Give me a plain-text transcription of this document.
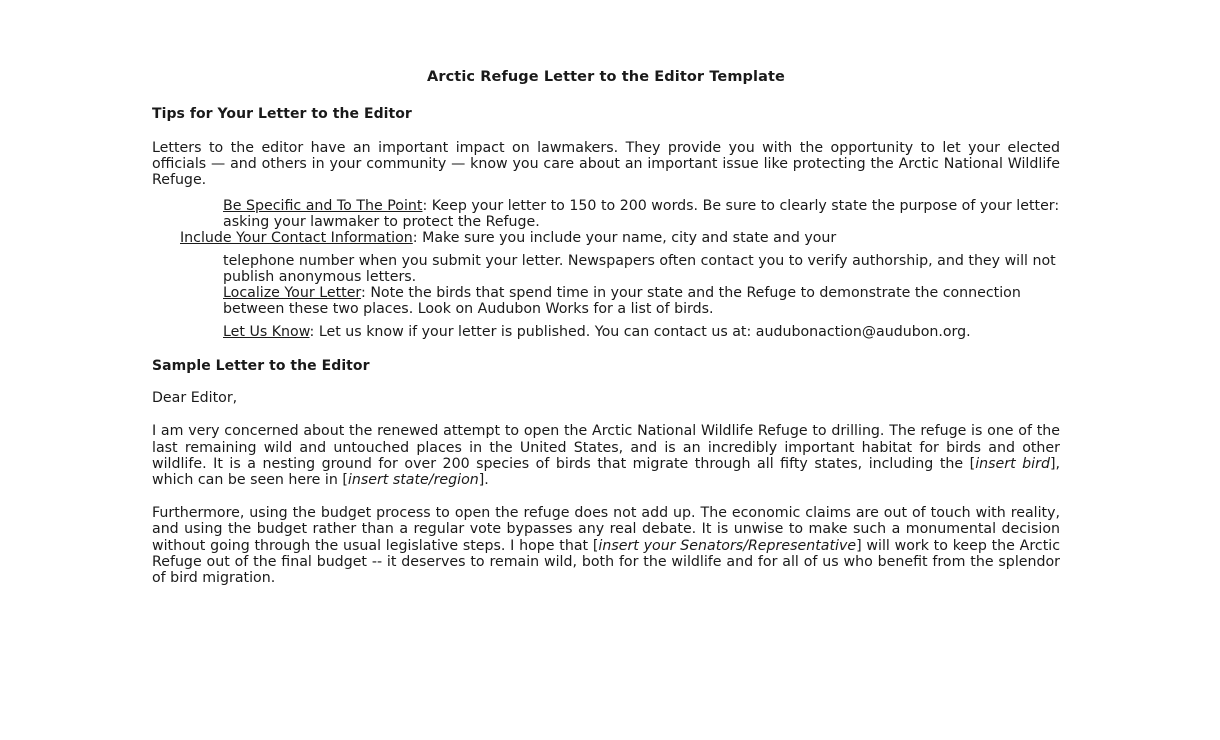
Arctic Refuge Letter to the Editor Template
Tips for Your Letter to the Editor

Letters to the editor have an important impact on lawmakers. They provide you with the opportunity to let your elected officials — and others in your community — know you care about an important issue like protecting the Arctic National Wildlife Refuge.

Be Specific and To The Point: Keep your letter to 150 to 200 words. Be sure to clearly state the purpose of your letter: asking your lawmaker to protect the Refuge.

Include Your Contact Information: Make sure you include your name, city and state and your

telephone number when you submit your letter. Newspapers often contact you to verify authorship, and they will not publish anonymous letters.

Localize Your Letter: Note the birds that spend time in your state and the Refuge to demonstrate the connection between these two places. Look on Audubon Works for a list of birds.

Let Us Know: Let us know if your letter is published. You can contact us at: audubonaction@audubon.org.

Sample Letter to the Editor

Dear Editor,

I am very concerned about the renewed attempt to open the Arctic National Wildlife Refuge to drilling. The refuge is one of the last remaining wild and untouched places in the United States, and is an incredibly important habitat for birds and other wildlife. It is a nesting ground for over 200 species of birds that migrate through all fifty states, including the [insert bird], which can be seen here in [insert state/region].

Furthermore, using the budget process to open the refuge does not add up. The economic claims are out of touch with reality, and using the budget rather than a regular vote bypasses any real debate. It is unwise to make such a monumental decision without going through the usual legislative steps. I hope that [insert your Senators/Representative] will work to keep the Arctic Refuge out of the final budget -- it deserves to remain wild, both for the wildlife and for all of us who benefit from the splendor of bird migration.
